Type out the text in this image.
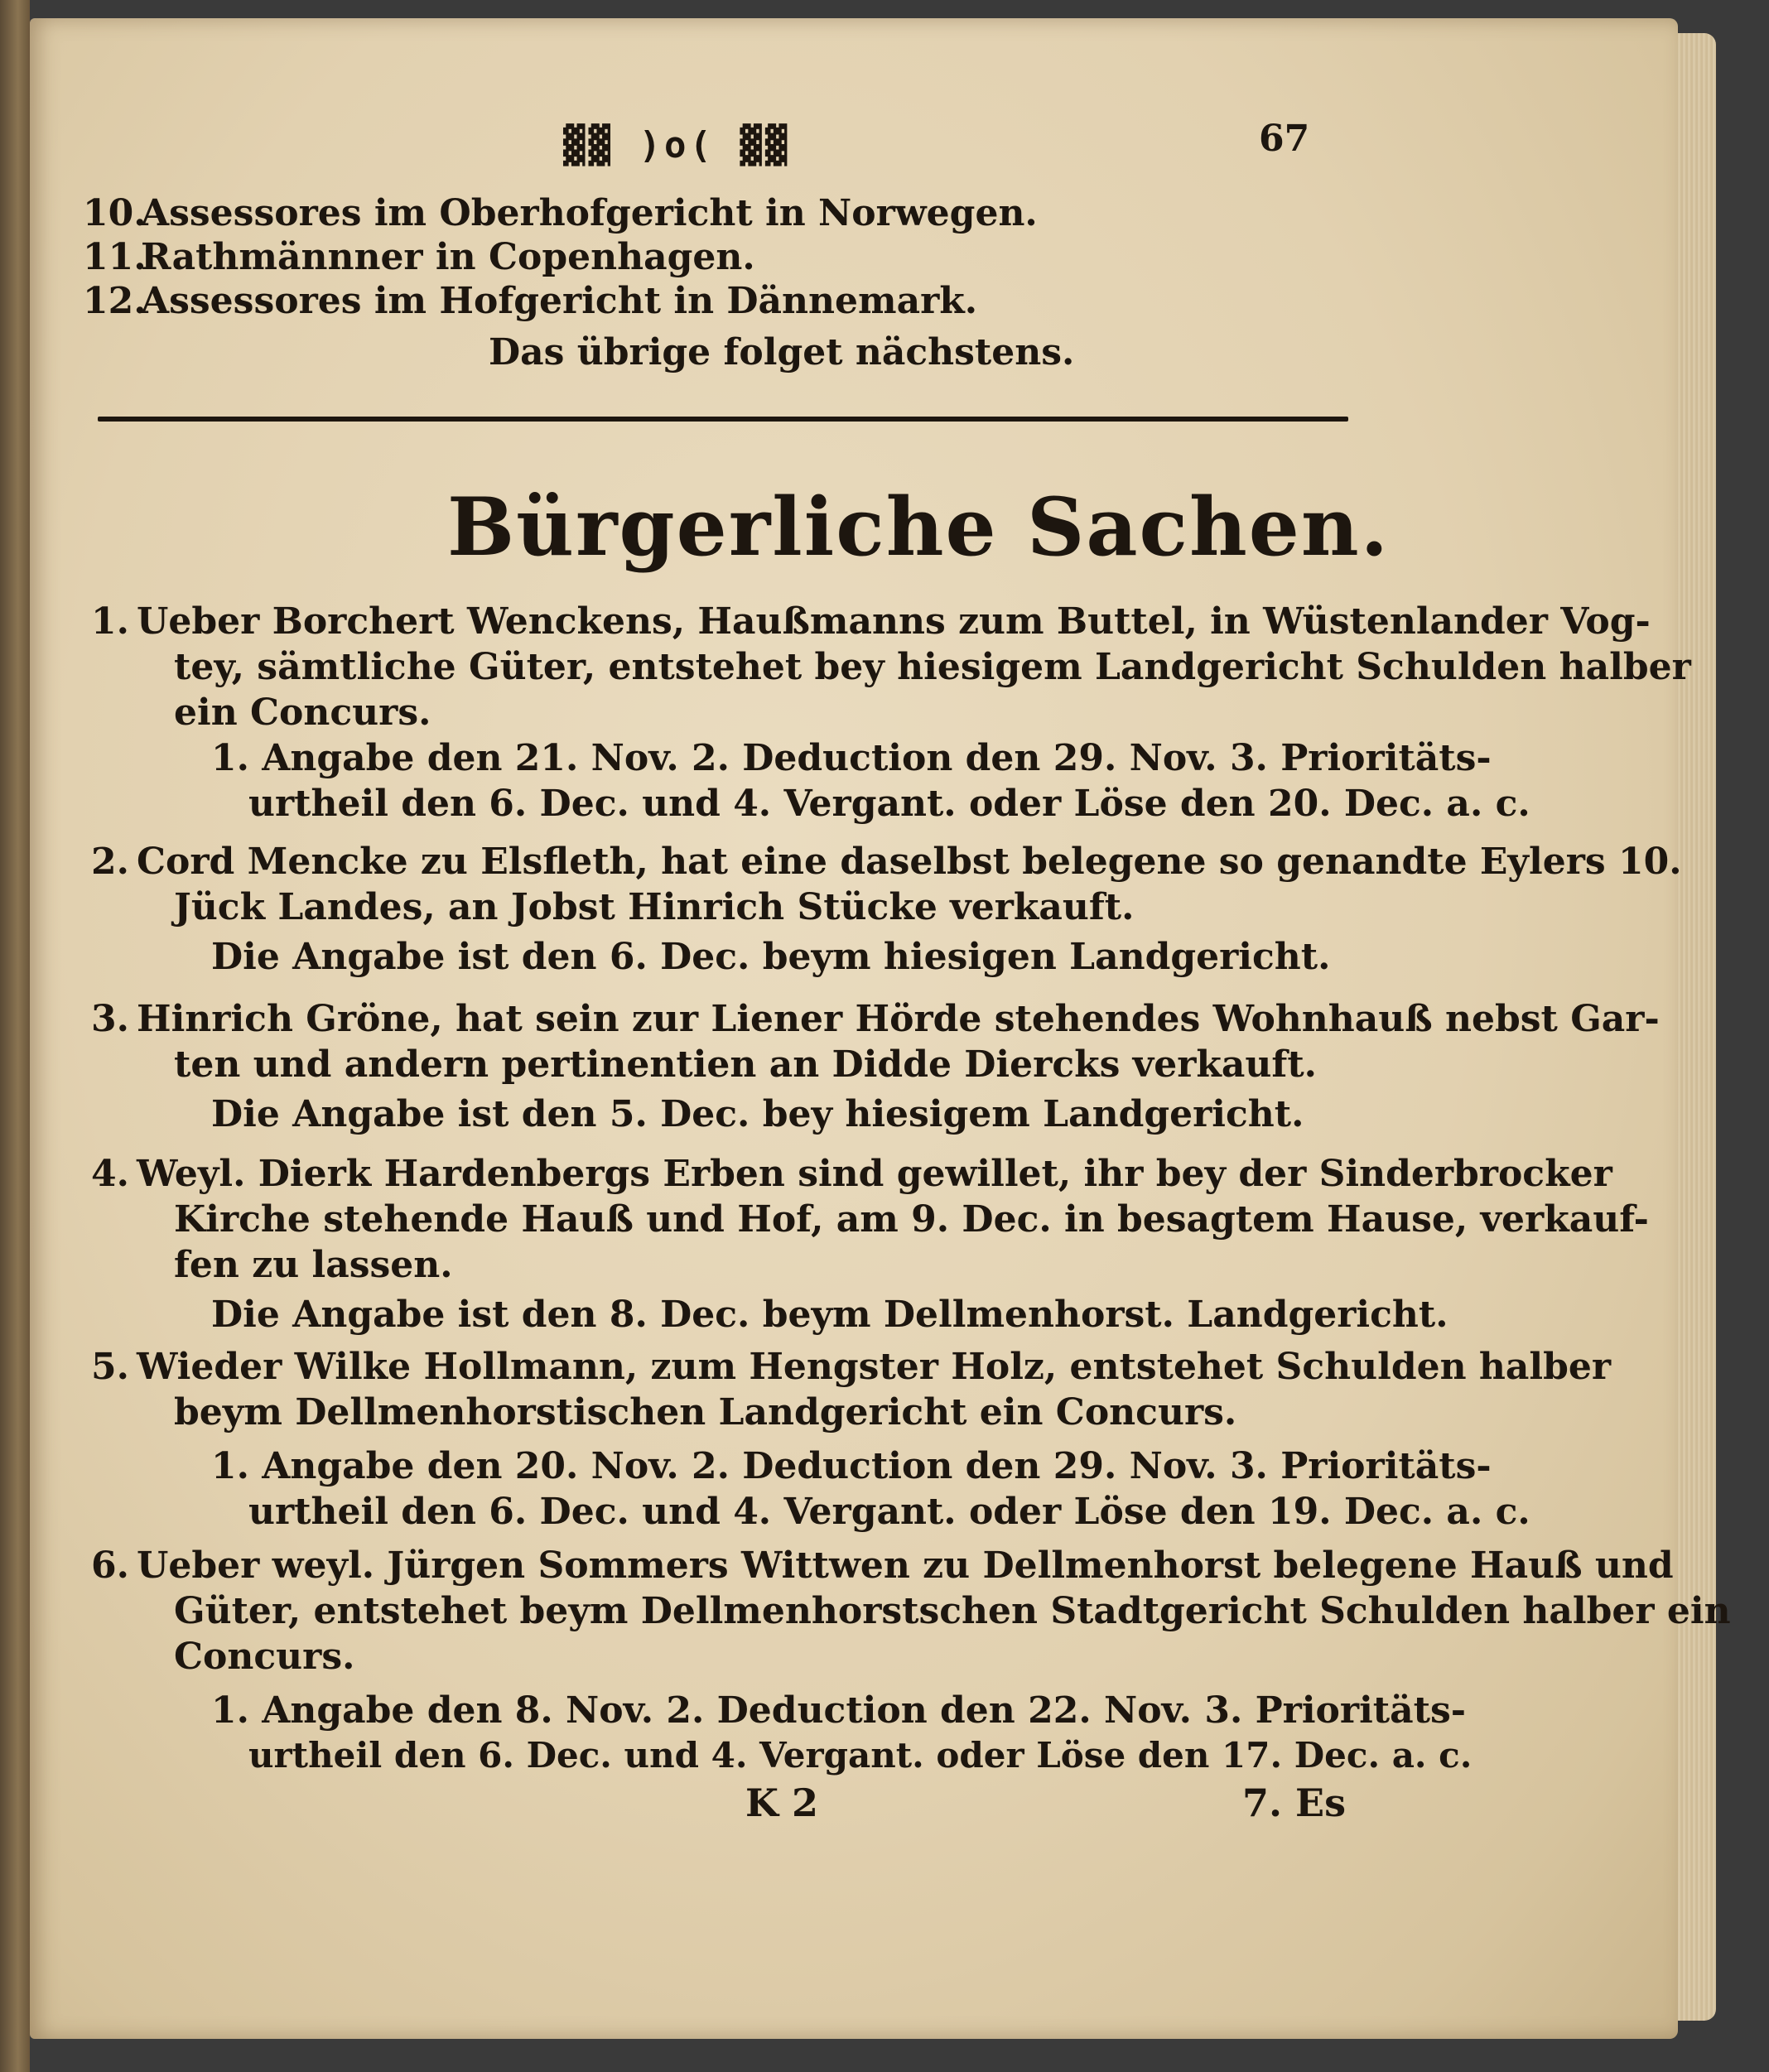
▓▓ )o( ▓▓	67
10.Assessores im Oberhofgericht in Norwegen.
11.Rathmännner in Copenhagen.
12.Assessores im Hofgericht in Dännemark.
Das übrige folget nächstens.
Bürgerliche Sachen.
1. Ueber Borchert Wenckens, Haußmanns zum Buttel, in Wüstenlander Vog-
tey, sämtliche Güter, entstehet bey hiesigem Landgericht Schulden halber
ein Concurs.
1. Angabe den 21. Nov. 2. Deduction den 29. Nov. 3. Prioritäts-
urtheil den 6. Dec. und 4. Vergant. oder Löse den 20. Dec. a. c.
2. Cord Mencke zu Elsfleth, hat eine daselbst belegene so genandte Eylers 10.
Jück Landes, an Jobst Hinrich Stücke verkauft.
Die Angabe ist den 6. Dec. beym hiesigen Landgericht.
3. Hinrich Gröne, hat sein zur Liener Hörde stehendes Wohnhauß nebst Gar-
ten und andern pertinentien an Didde Diercks verkauft.
Die Angabe ist den 5. Dec. bey hiesigem Landgericht.
4. Weyl. Dierk Hardenbergs Erben sind gewillet, ihr bey der Sinderbrocker
Kirche stehende Hauß und Hof, am 9. Dec. in besagtem Hause, verkauf-
fen zu lassen.
Die Angabe ist den 8. Dec. beym Dellmenhorst. Landgericht.
5. Wieder Wilke Hollmann, zum Hengster Holz, entstehet Schulden halber
beym Dellmenhorstischen Landgericht ein Concurs.
1. Angabe den 20. Nov. 2. Deduction den 29. Nov. 3. Prioritäts-
urtheil den 6. Dec. und 4. Vergant. oder Löse den 19. Dec. a. c.
6. Ueber weyl. Jürgen Sommers Wittwen zu Dellmenhorst belegene Hauß und
Güter, entstehet beym Dellmenhorstschen Stadtgericht Schulden halber ein
Concurs.
1. Angabe den 8. Nov. 2. Deduction den 22. Nov. 3. Prioritäts-
urtheil den 6. Dec. und 4. Vergant. oder Löse den 17. Dec. a. c.
K 2	7. Es
